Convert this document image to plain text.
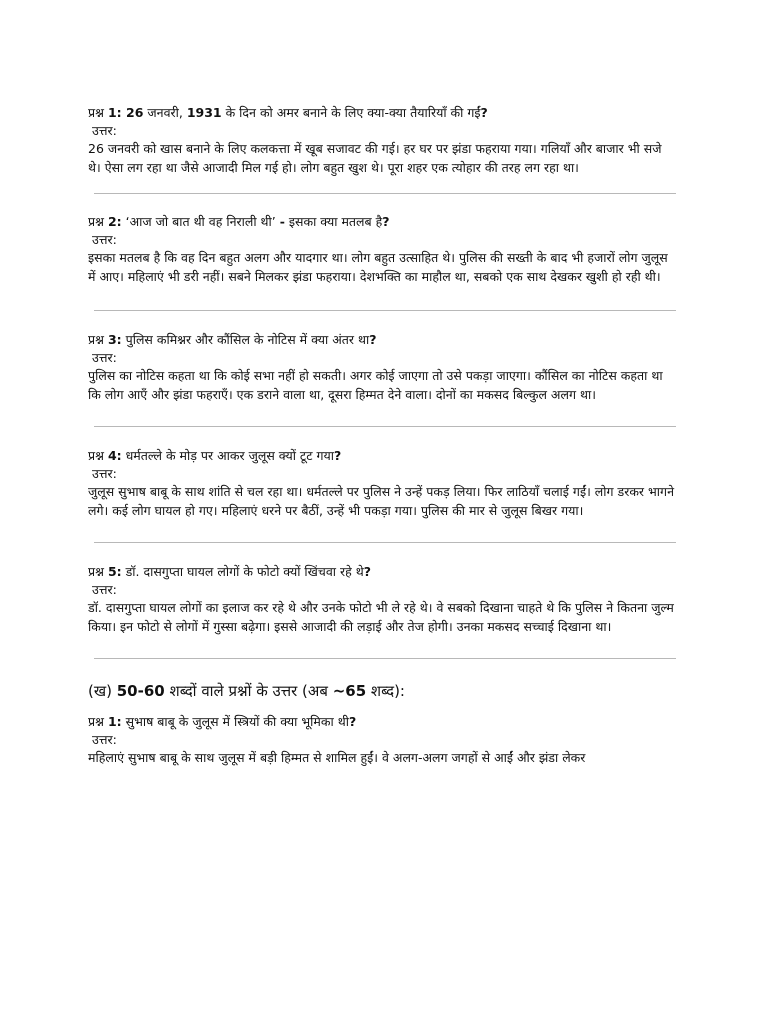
प्रश्न 1: 26 जनवरी, 1931 के दिन को अमर बनाने के लिए क्या-क्या तैयारियाँ की गईं?

उत्तर:

26 जनवरी को खास बनाने के लिए कलकत्ता में खूब सजावट की गई। हर घर पर झंडा फहराया गया। गलियाँ और बाजार भी सजे थे। ऐसा लग रहा था जैसे आजादी मिल गई हो। लोग बहुत खुश थे। पूरा शहर एक त्योहार की तरह लग रहा था।

प्रश्न 2: ‘आज जो बात थी वह निराली थी’ - इसका क्या मतलब है?

उत्तर:

इसका मतलब है कि वह दिन बहुत अलग और यादगार था। लोग बहुत उत्साहित थे। पुलिस की सख्ती के बाद भी हजारों लोग जुलूस में आए। महिलाएं भी डरी नहीं। सबने मिलकर झंडा फहराया। देशभक्ति का माहौल था, सबको एक साथ देखकर खुशी हो रही थी।

प्रश्न 3: पुलिस कमिश्नर और कौंसिल के नोटिस में क्या अंतर था?

उत्तर:

पुलिस का नोटिस कहता था कि कोई सभा नहीं हो सकती। अगर कोई जाएगा तो उसे पकड़ा जाएगा। कौंसिल का नोटिस कहता था कि लोग आएँ और झंडा फहराएँ। एक डराने वाला था, दूसरा हिम्मत देने वाला। दोनों का मकसद बिल्कुल अलग था।

प्रश्न 4: धर्मतल्ले के मोड़ पर आकर जुलूस क्यों टूट गया?

उत्तर:

जुलूस सुभाष बाबू के साथ शांति से चल रहा था। धर्मतल्ले पर पुलिस ने उन्हें पकड़ लिया। फिर लाठियाँ चलाई गईं। लोग डरकर भागने लगे। कई लोग घायल हो गए। महिलाएं धरने पर बैठीं, उन्हें भी पकड़ा गया। पुलिस की मार से जुलूस बिखर गया।

प्रश्न 5: डॉ. दासगुप्ता घायल लोगों के फोटो क्यों खिंचवा रहे थे?

उत्तर:

डॉ. दासगुप्ता घायल लोगों का इलाज कर रहे थे और उनके फोटो भी ले रहे थे। वे सबको दिखाना चाहते थे कि पुलिस ने कितना जुल्म किया। इन फोटो से लोगों में गुस्सा बढ़ेगा। इससे आजादी की लड़ाई और तेज होगी। उनका मकसद सच्चाई दिखाना था।

(ख) 50-60 शब्दों वाले प्रश्नों के उत्तर (अब ~65 शब्द):

प्रश्न 1: सुभाष बाबू के जुलूस में स्त्रियों की क्या भूमिका थी?

उत्तर:

महिलाएं सुभाष बाबू के साथ जुलूस में बड़ी हिम्मत से शामिल हुईं। वे अलग-अलग जगहों से आईं और झंडा लेकर
